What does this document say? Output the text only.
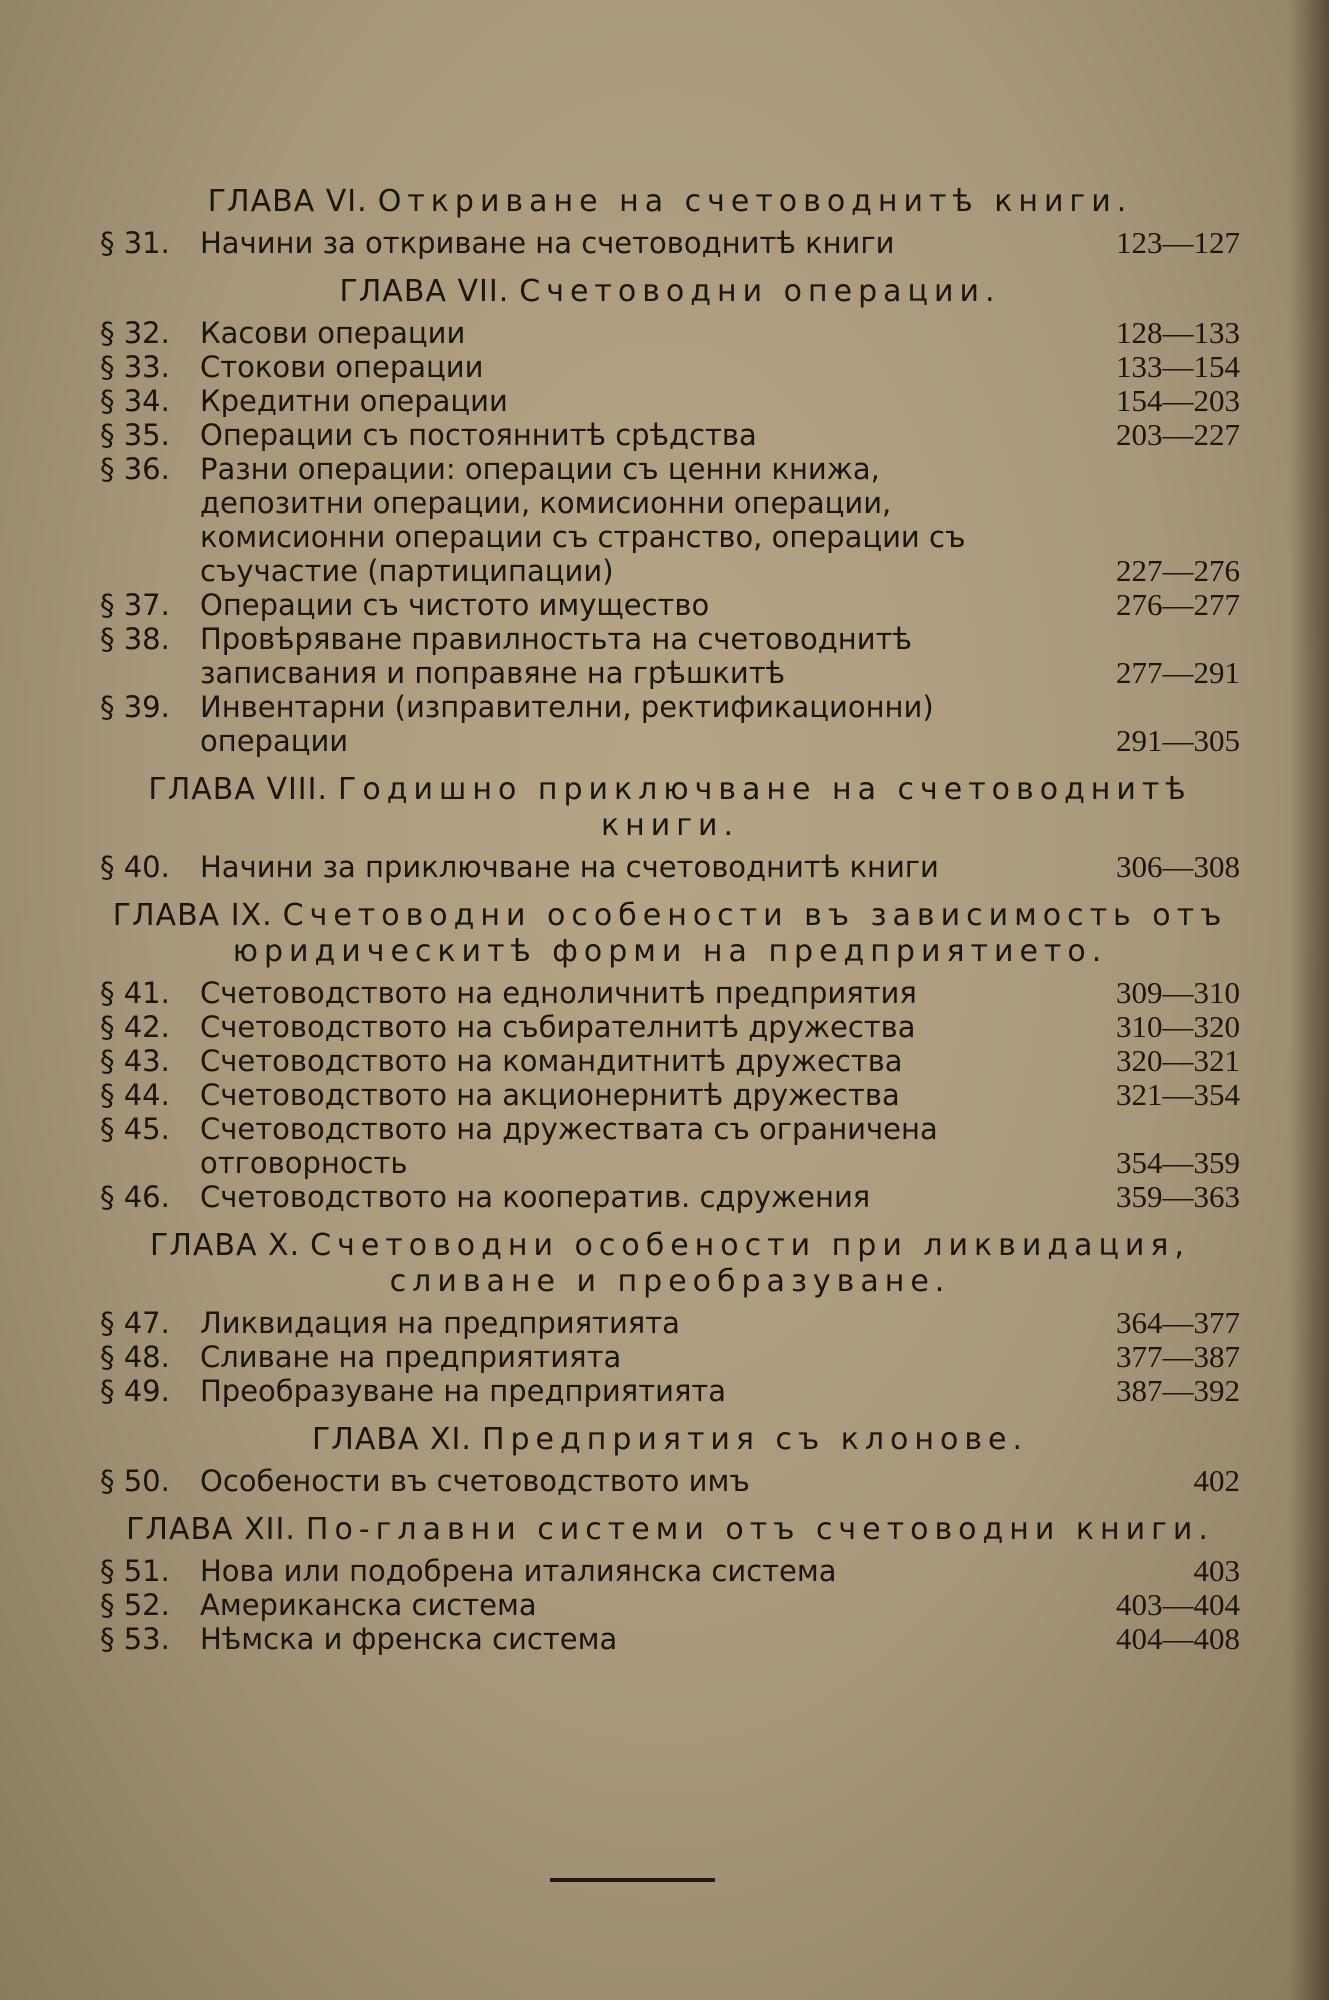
ГЛАВА VI. Откриване на счетоводнитѣ книги.
§ 31.	Начини за откриване на счетоводнитѣ книги	123—127
ГЛАВА VII. Счетоводни операции.
§ 32.	Касови операции	128—133
§ 33.	Стокови операции	133—154
§ 34.	Кредитни операции	154—203
§ 35.	Операции съ постояннитѣ срѣдства	203—227
§ 36.	Разни операции: операции съ ценни книжа, депозитни операции, комисионни операции, комисионни операции съ странство, операции съ съучастие (партиципации)	227—276
§ 37.	Операции съ чистото имущество	276—277
§ 38.	Провѣряване правилностьта на счетоводнитѣ записвания и поправяне на грѣшкитѣ	277—291
§ 39.	Инвентарни (изправителни, ректификационни) операции	291—305
ГЛАВА VIII. Годишно приключване на счетоводнитѣ книги.
§ 40.	Начини за приключване на счетоводнитѣ книги	306—308
ГЛАВА IX. Счетоводни особености въ зависимость отъ юридическитѣ форми на предприятието.
§ 41.	Счетоводството на едноличнитѣ предприятия	309—310
§ 42.	Счетоводството на събирателнитѣ дружества	310—320
§ 43.	Счетоводството на командитнитѣ дружества	320—321
§ 44.	Счетоводството на акционернитѣ дружества	321—354
§ 45.	Счетоводството на дружествата съ ограничена отговорность	354—359
§ 46.	Счетоводството на кооператив. сдружения	359—363
ГЛАВА X. Счетоводни особености при ликвидация, сливане и преобразуване.
§ 47.	Ликвидация на предприятията	364—377
§ 48.	Сливане на предприятията	377—387
§ 49.	Преобразуване на предприятията	387—392
ГЛАВА XI. Предприятия съ клонове.
§ 50.	Особености въ счетоводството имъ	402
ГЛАВА XII. По-главни системи отъ счетоводни книги.
§ 51.	Нова или подобрена италиянска система	403
§ 52.	Американска система	403—404
§ 53.	Нѣмска и френска система	404—408
